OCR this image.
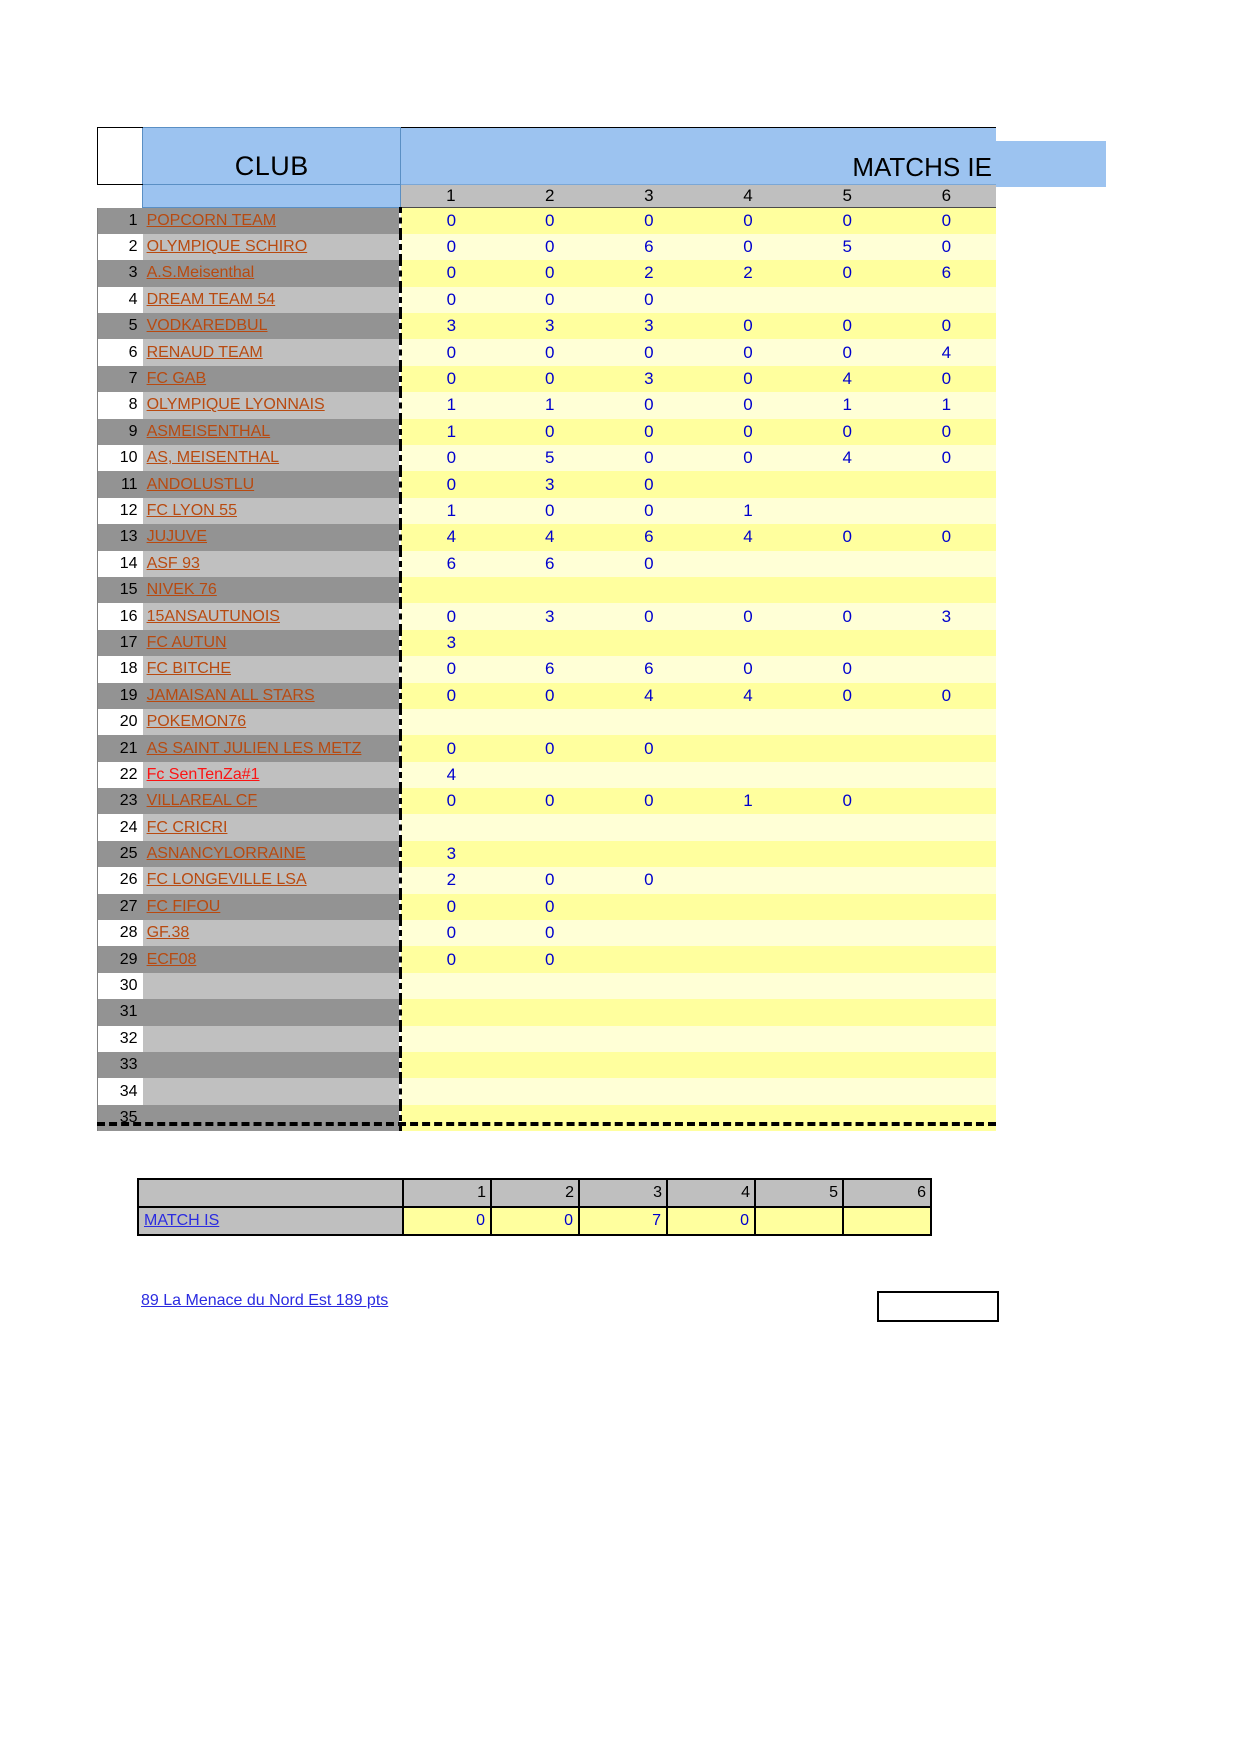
	CLUB	MATCHS IE					
		1	2	3	4	5	6
1	POPCORN TEAM	0	0	0	0	0	0
2	OLYMPIQUE SCHIRO	0	0	6	0	5	0
3	A.S.Meisenthal	0	0	2	2	0	6
4	DREAM TEAM 54	0	0	0			
5	VODKAREDBUL	3	3	3	0	0	0
6	RENAUD TEAM	0	0	0	0	0	4
7	FC GAB	0	0	3	0	4	0
8	OLYMPIQUE LYONNAIS	1	1	0	0	1	1
9	ASMEISENTHAL	1	0	0	0	0	0
10	AS, MEISENTHAL	0	5	0	0	4	0
11	ANDOLUSTLU	0	3	0			
12	FC LYON 55	1	0	0	1		
13	JUJUVE	4	4	6	4	0	0
14	ASF 93	6	6	0			
15	NIVEK 76						
16	15ANSAUTUNOIS	0	3	0	0	0	3
17	FC AUTUN	3					
18	FC BITCHE	0	6	6	0	0	
19	JAMAISAN ALL STARS	0	0	4	4	0	0
20	POKEMON76						
21	AS SAINT JULIEN LES METZ	0	0	0			
22	Fc SenTenZa#1	4					
23	VILLAREAL CF	0	0	0	1	0	
24	FC CRICRI						
25	ASNANCYLORRAINE	3					
26	FC LONGEVILLE LSA	2	0	0			
27	FC FIFOU	0	0				
28	GF.38	0	0				
29	ECF08	0	0				
30							
31							
32							
33							
34							
35							
	1	2	3	4	5	6
MATCH IS	0	0	7	0		
89 La Menace du Nord Est 189 pts
